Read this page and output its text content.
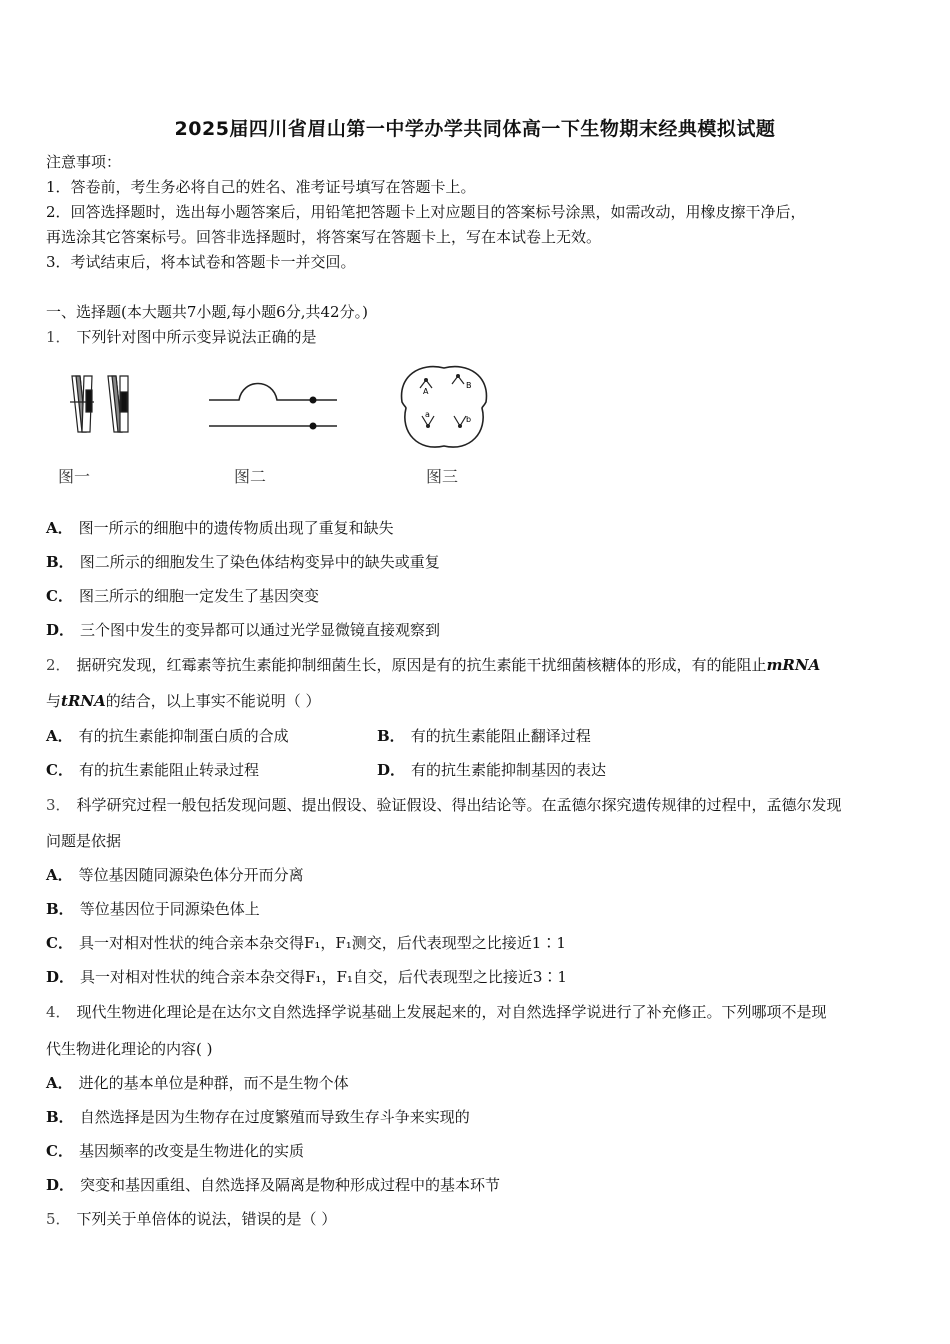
2025届四川省眉山第一中学办学共同体高一下生物期末经典模拟试题
注意事项：
1．答卷前，考生务必将自己的姓名、准考证号填写在答题卡上。
2．回答选择题时，选出每小题答案后，用铅笔把答题卡上对应题目的答案标号涂黑，如需改动，用橡皮擦干净后，
再选涂其它答案标号。回答非选择题时，将答案写在答题卡上，写在本试卷上无效。
3．考试结束后，将本试卷和答题卡一并交回。
一、选择题(本大题共7小题,每小题6分,共42分。)
1． 下列针对图中所示变异说法正确的是
A
B
a
b
图一	图二	图三
A． 图一所示的细胞中的遗传物质出现了重复和缺失
B． 图二所示的细胞发生了染色体结构变异中的缺失或重复
C． 图三所示的细胞一定发生了基因突变
D． 三个图中发生的变异都可以通过光学显微镜直接观察到
2． 据研究发现，红霉素等抗生素能抑制细菌生长，原因是有的抗生素能干扰细菌核糖体的形成，有的能阻止mRNA
与tRNA的结合，以上事实不能说明（ ）
A． 有的抗生素能抑制蛋白质的合成	B． 有的抗生素能阻止翻译过程
C． 有的抗生素能阻止转录过程	D． 有的抗生素能抑制基因的表达
3． 科学研究过程一般包括发现问题、提出假设、验证假设、得出结论等。在孟德尔探究遗传规律的过程中，孟德尔发现
问题是依据
A． 等位基因随同源染色体分开而分离
B． 等位基因位于同源染色体上
C． 具一对相对性状的纯合亲本杂交得F₁，F₁测交，后代表现型之比接近1∶1
D． 具一对相对性状的纯合亲本杂交得F₁，F₁自交，后代表现型之比接近3∶1
4． 现代生物进化理论是在达尔文自然选择学说基础上发展起来的，对自然选择学说进行了补充修正。下列哪项不是现
代生物进化理论的内容( )
A． 进化的基本单位是种群，而不是生物个体
B． 自然选择是因为生物存在过度繁殖而导致生存斗争来实现的
C． 基因频率的改变是生物进化的实质
D． 突变和基因重组、自然选择及隔离是物种形成过程中的基本环节
5． 下列关于单倍体的说法，错误的是（ ）
